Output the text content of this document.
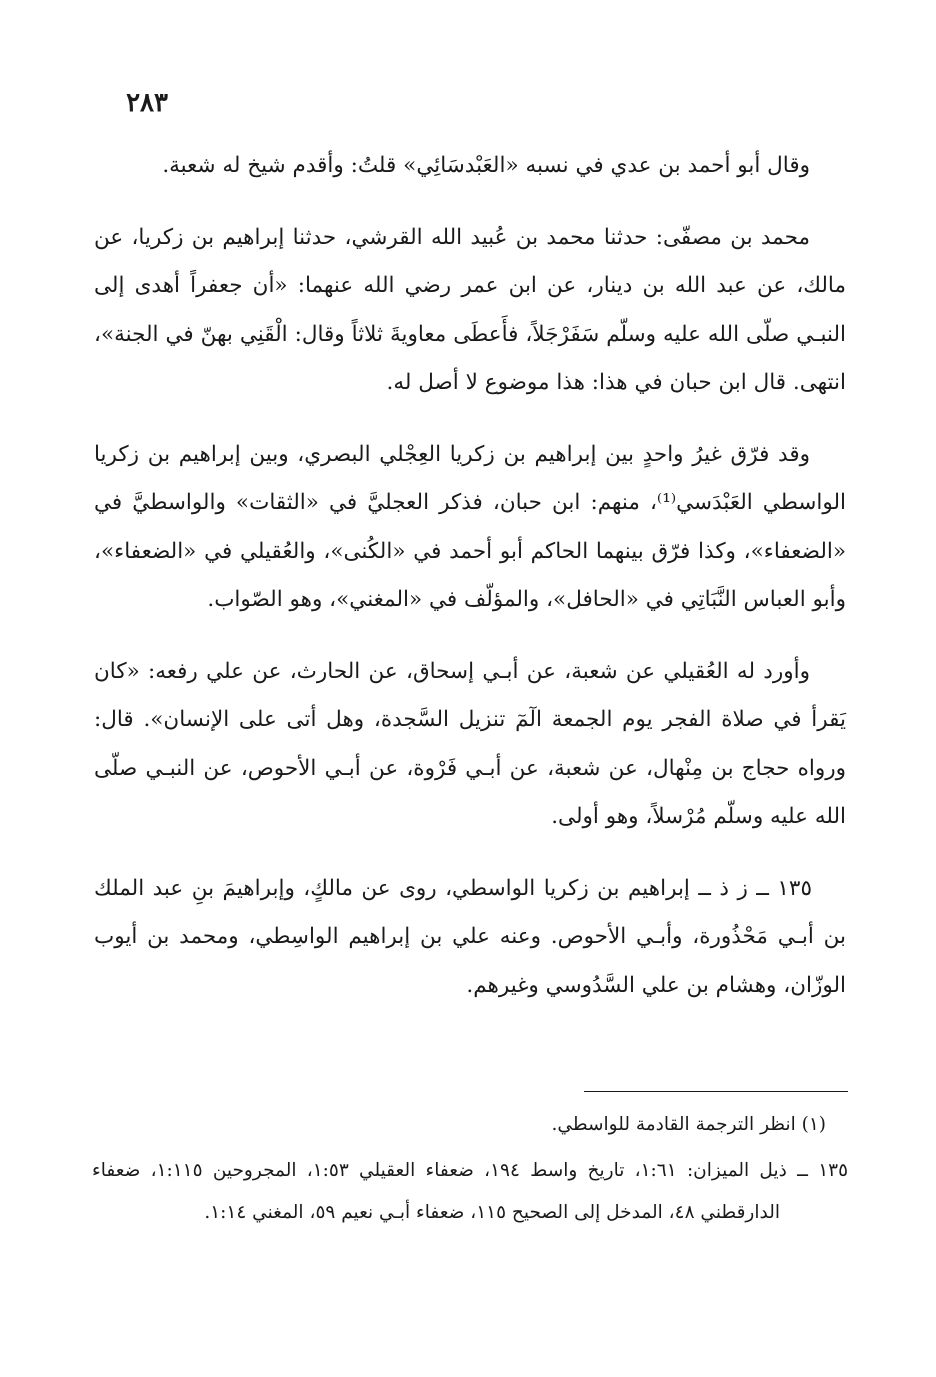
٢٨٣

وقال أبو أحمد بن عدي في نسبه «العَبْدسَائِي» قلتُ: وأقدم شيخ له شعبة.

محمد بن مصفّى: حدثنا محمد بن عُبيد الله القرشي، حدثنا إبراهيم بن زكريا، عن مالك، عن عبد الله بن دينار، عن ابن عمر رضي الله عنهما: «أن جعفراً أهدى إلى النبـي صلّى الله عليه وسلّم سَفَرْجَلاً، فأَعطَى معاويةَ ثلاثاً وقال: الْقَنِي بهنّ في الجنة»، انتهى. قال ابن حبان في هذا: هذا موضوع لا أصل له.

وقد فرّق غيرُ واحدٍ بين إبراهيم بن زكريا العِجْلي البصري، وبين إبراهيم بن زكريا الواسطي العَبْدَسي⁽¹⁾، منهم: ابن حبان، فذكر العجليَّ في «الثقات» والواسطيَّ في «الضعفاء»، وكذا فرّق بينهما الحاكم أبو أحمد في «الكُنى»، والعُقيلي في «الضعفاء»، وأبو العباس النَّبَاتِي في «الحافل»، والمؤلّف في «المغني»، وهو الصّواب.

وأورد له العُقيلي عن شعبة، عن أبـي إسحاق، عن الحارث، عن علي رفعه: «كان يَقرأ في صلاة الفجر يوم الجمعة الٓمٓ تنزيل السَّجدة، وهل أتى على الإنسان». قال: ورواه حجاج بن مِنْهال، عن شعبة، عن أبـي فَرْوة، عن أبـي الأحوص، عن النبـي صلّى الله عليه وسلّم مُرْسلاً، وهو أولى.

١٣٥ ــ ز ذ ــ إبراهيم بن زكريا الواسطي، روى عن مالكٍ، وإبراهيمَ بنِ عبد الملك بن أبـي مَحْذُورة، وأبـي الأحوص. وعنه علي بن إبراهيم الواسِطي، ومحمد بن أيوب الوزّان، وهشام بن علي السَّدُوسي وغيرهم.

(١) انظر الترجمة القادمة للواسطي.

١٣٥ ــ ذيل الميزان: ١:٦١، تاريخ واسط ١٩٤، ضعفاء العقيلي ١:٥٣، المجروحين ١:١١٥، ضعفاء الدارقطني ٤٨، المدخل إلى الصحيح ١١٥، ضعفاء أبـي نعيم ٥٩، المغني ١:١٤.
